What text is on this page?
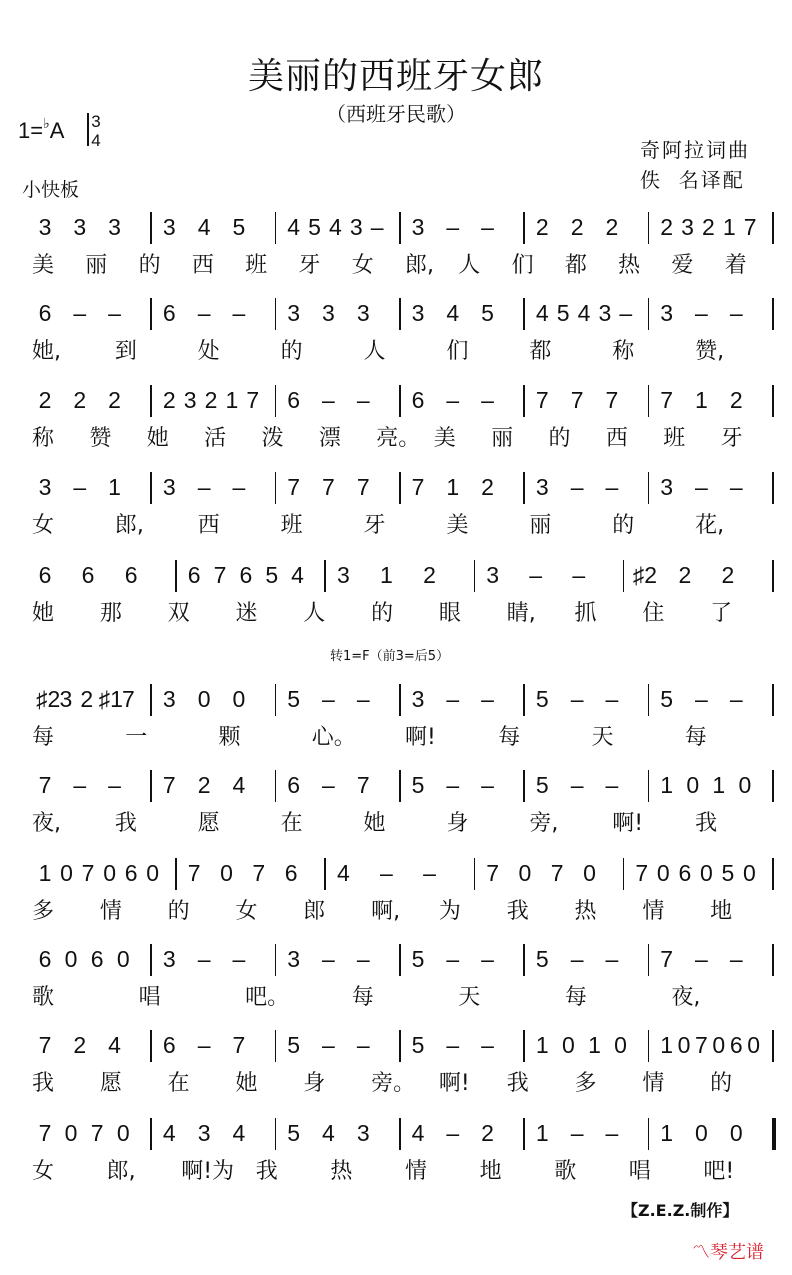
美丽的西班牙女郎
（西班牙民歌）
1=♭A	3
4
小快板
奇阿拉词曲
佚  名译配
转1=F（前3=后5）
3 3 3 3 4 5 4 5 4 3 – 3 – – 2 2 2 2 3 2 1 7
美 丽 的 西 班 牙 女 郎, 人 们 都 热 爱 着
6 – – 6 – – 3 3 3 3 4 5 4 5 4 3 – 3 – –
她, 到	处	的	人	们	都	称	赞,
2 2 2 2 3 2 1 7 6 – – 6 – – 7 7 7 7 1 2
称 赞 她 活 泼 漂 亮。 美 丽 的 西 班 牙
3 – 1 3 – – 7 7 7 7 1 2 3 – – 3 – –
女	郎, 西	班	牙	美	丽	的	花,
6 6 6 6 7 6 5 4 3 1 2 3 – – ♯2 2 2
她 那 双 迷 人 的 眼 睛, 抓 住 了
♯2 3 2 ♯1 7 3 0 0 5 – – 3 – – 5 – – 5 – –
每	一	颗	心。 啊!	每	天	每
7 – – 7 2 4 6 – 7 5 – – 5 – – 1 0 1 0
夜, 我	愿	在	她	身	旁, 啊! 我
1 0 7 0 6 0 7 0 7 6 4 – – 7 0 7 0 7 0 6 0 5 0
多 情 的 女 郎 啊, 为 我 热 情 地
6 0 6 0 3 – – 3 – – 5 – – 5 – – 7 – –
歌	唱	吧。	每	天	每	夜,
7 2 4 6 – 7 5 – – 5 – – 1 0 1 0 1 0 7 0 6 0
我 愿 在 她 身 旁。 啊! 我 多 情 的
7 0 7 0 4 3 4 5 4 3 4 – 2 1 – – 1 0 0
女 郎, 啊!为 我 热 情 地 歌 唱 吧!
【Z.E.Z.制作】
〽琴艺谱
